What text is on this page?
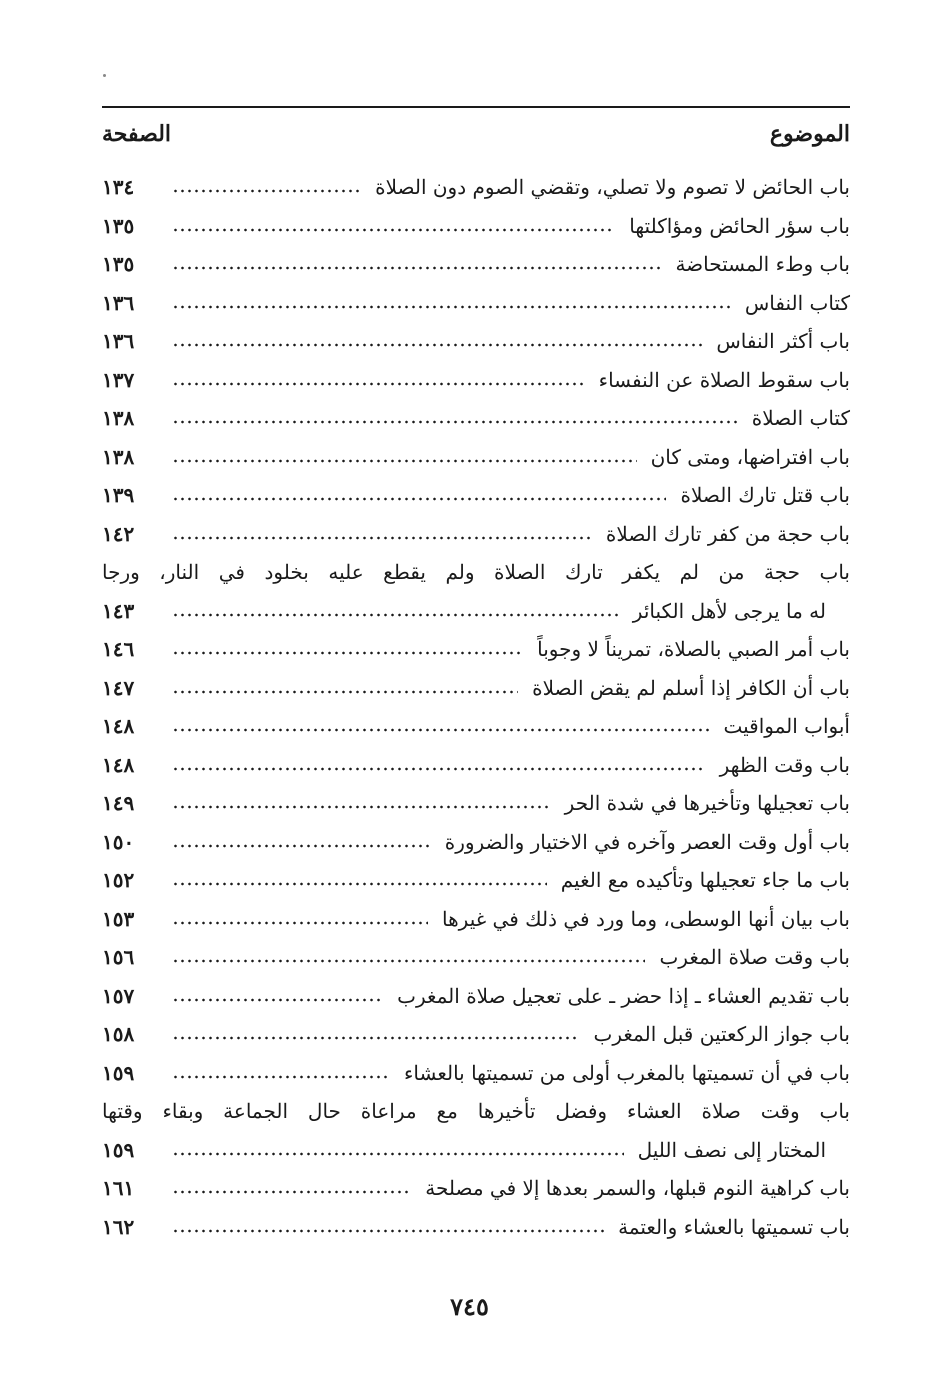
الموضوع
الصفحة
باب الحائض لا تصوم ولا تصلي، وتقضي الصوم دون الصلاة
١٣٤
باب سؤر الحائض ومؤاكلتها
١٣٥
باب وطء المستحاضة
١٣٥
كتاب النفاس
١٣٦
باب أكثر النفاس
١٣٦
باب سقوط الصلاة عن النفساء
١٣٧
كتاب الصلاة
١٣٨
باب افتراضها، ومتى كان
١٣٨
باب قتل تارك الصلاة
١٣٩
باب حجة من كفر تارك الصلاة
١٤٢
باب حجة من لم يكفر تارك الصلاة ولم يقطع عليه بخلود في النار، ورجا
له ما يرجى لأهل الكبائر
١٤٣
باب أمر الصبي بالصلاة، تمريناً لا وجوباً
١٤٦
باب أن الكافر إذا أسلم لم يقض الصلاة
١٤٧
أبواب المواقيت
١٤٨
باب وقت الظهر
١٤٨
باب تعجيلها وتأخيرها في شدة الحر
١٤٩
باب أول وقت العصر وآخره في الاختيار والضرورة
١٥٠
باب ما جاء تعجيلها وتأكيده مع الغيم
١٥٢
باب بيان أنها الوسطى، وما ورد في ذلك في غيرها
١٥٣
باب وقت صلاة المغرب
١٥٦
باب تقديم العشاء ـ إذا حضر ـ على تعجيل صلاة المغرب
١٥٧
باب جواز الركعتين قبل المغرب
١٥٨
باب في أن تسميتها بالمغرب أولى من تسميتها بالعشاء
١٥٩
باب وقت صلاة العشاء وفضل تأخيرها مع مراعاة حال الجماعة وبقاء وقتها
المختار إلى نصف الليل
١٥٩
باب كراهية النوم قبلها، والسمر بعدها إلا في مصلحة
١٦١
باب تسميتها بالعشاء والعتمة
١٦٢
٧٤٥
